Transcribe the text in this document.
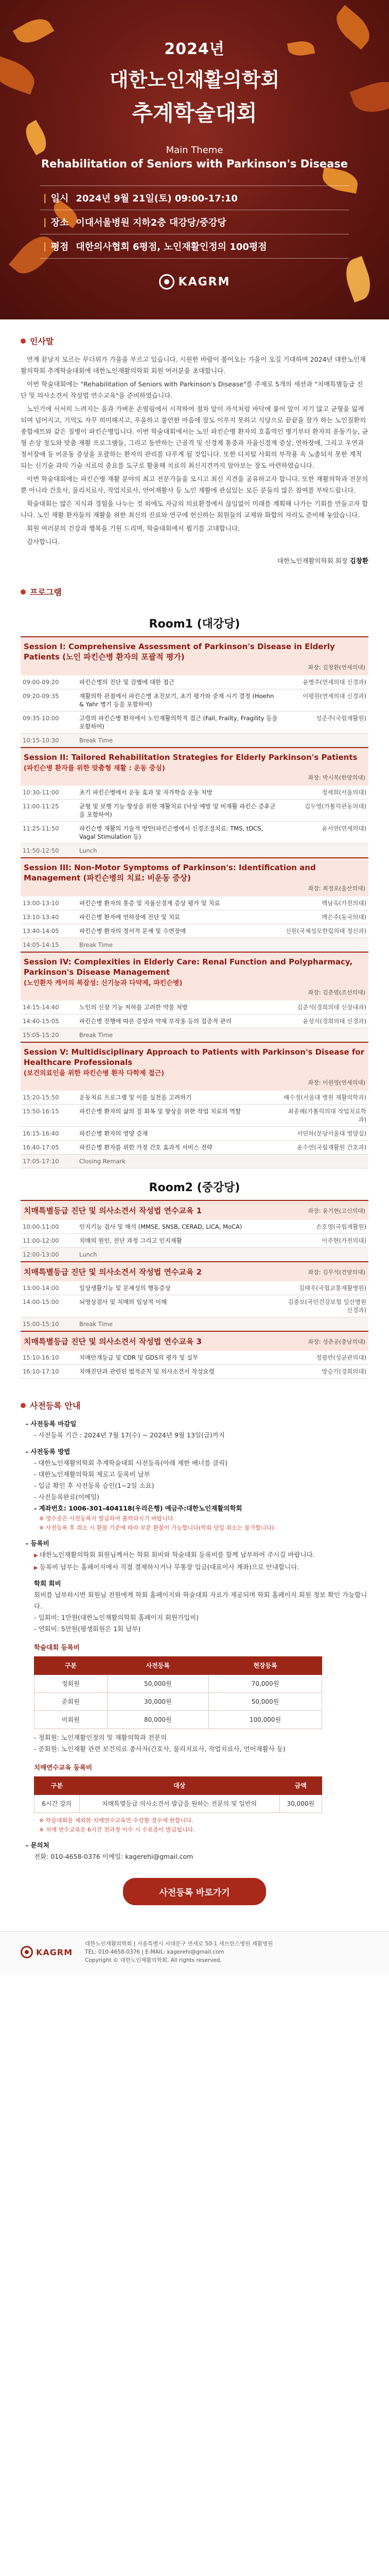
2024년
대한노인재활의학회
추계학술대회
Main Theme
Rehabilitation of Seniors with Parkinson's Disease
| 일시 2024년 9월 21일(토) 09:00-17:10
| 장소 이대서울병원 지하2층 대강당/중강당
| 평점 대한의사협회 6평점, 노인재활인정의 100평점
KAGRM
인사말

연계 끝날지 모르는 무더위가 가을을 부르고 있습니다. 시원한 바람이 불어오는 가을이 오길 기대하며 2024년 대한노인재활의학회 추계학술대회에 대한노인재활의학회 회원 여러분을 초대합니다.

이번 학술대회에는 "Rehabilitation of Seniors with Parkinson's Disease"를 주제로 5개의 세션과 "치매특별등급 진단 및 의사소견서 작성법 연수교육"을 준비하였습니다.

노인기에 서서히 느려지는 움과 가벼운 손떨림에서 시작하여 점차 앞이 자석처럼 바닥에 붙어 앞이 지기 않고 균형을 잃게 되며 넘어지고, 기억도 자꾸 희미해지고, 우울하고 불안한 마음에 잠도 이루지 못하고 식당으로 끝끝을 잘가 하는 노인질환의 종합세트와 같은 질병이 파킨슨병입니다. 이번 학술대회에서는 노인 파킨슨병 환자의 호흡역인 병기부터 환자의 운동기능, 균형 손상 정도와 맞춤 재활 프로그램들, 그리고 동반하는 근골격 및 신경계 통증과 자율신경계 증상, 연하장애, 그리고 우연과 정서장애 등 비운동 증상을 포괄하는 환자의 관리를 다루게 될 것입니다. 또한 디지털 사회의 부작용 속 노출되지 못한 계적 되는 신기술 과의 기술 치료의 중요를 도구로 활용해 치료의 최신지견까지 알아보는 장도 마련하였습니다.

이번 학술대회에는 파킨슨병 재활 분야의 최고 전문가들을 모시고 최신 지견을 공유하고자 합니다. 또한 재활의학과 전문의뿐 아니라 간호사, 물리치료사, 작업치료사, 언어재활사 등 노인 재활에 관심있는 모든 분들의 많은 참여를 부탁드립니다.

학술대회는 많은 지식과 경험을 나누는 것 외에도 자금의 의료환경에서 끊임없이 미래를 계획해 나가는 기회를 만들고자 합니다. 노인 재활 환자들의 재활을 위한 최신의 진료와 연구에 헌신하는 회원들의 교제와 화합의 자리도 준비해 놓았습니다.

회원 여러분의 건강과 행복을 기원 드리며, 학술대회에서 뵙기를 고대합니다.

감사합니다.

대한노인재활의학회 회장 김창환
프로그램
Room1 (대강당)
Session I: Comprehensive Assessment of Parkinson's Disease in Elderly Patients (노인 파킨슨병 환자의 포괄적 평가)
좌장: 김창환(연세의대)		

09:00-09:20	파킨슨병의 진단 및 감별에 대한 접근	윤병주(연세의대 신경과)
09:20-09:35	재활의학 관점에서 파킨슨병 초진보기, 초기 평가와 중재 시기 결정 (Hoehn & Yahr 병기 등을 포함하여)	이평원(연세의대 신경과)
09:35-10:00	고령의 파킨슨병 환자에서 노인재활의학적 접근 (Fall, Frailty, Fragility 등을 포함하여)	성준주(국립재활원)
10:15-10:30	Break Time	

Session II: Tailored Rehabilitation Strategies for Elderly Parkinson's Patients
(파킨슨병 환자를 위한 맞춤형 재활 : 운동 중심)
좌장: 박시복(한양의대)		

10:30-11:00	초기 파킨슨병에서 운동 효과 및 자가학습 운동 처방	정세희(서울의대)
11:00-11:25	균형 및 보행 기능 향상을 위한 재활치료 (낙상 예방 및 비재활 파킨슨 증후군을 포함하여)	김두영(가톨릭관동의대)
11:25-11:50	파킨슨병 재활의 기술적 방안(파킨슨병에서 신경조절치료: TMS, tDCS, Vagal Stimulation 등)	윤서연(연세의대)
11:50-12:50	Lunch	

Session III: Non-Motor Symptoms of Parkinson's: Identification and Management (파킨슨병의 치료: 비운동 증상)
좌장: 최정포(울산의대)		

13:00-13:10	파킨슨병 환자의 통증 및 자율신경계 증상 평가 및 치료	백남욱(가천의대)
13:10-13:40	파킨슨병 환자에 연하장애 진단 및 치료	백은주(동국의대)
13:40-14:05	파킨슨병 환자의 정서적 문제 및 수면장애	신원(국제성모한림의대 정신과)
14:05-14:15	Break Time	

Session IV: Complexities in Elderly Care: Renal Function and Polypharmacy, Parkinson's Disease Management
(노인환자 케어의 복잡성: 신기능과 다약제, 파킨슨병)
좌장: 김춘범(조선의대)		

14:15-14:40	노인의 신장 기능 저하를 고려한 약물 처방	김준석(경희의대 신장내과)
14:40-15:05	파킨슨병 진행에 따른 증상과 약제 부작용 등의 집중적 관리	윤성식(경희의대 신경과)
15:05-15:20	Break Time	

Session V: Multidisciplinary Approach to Patients with Parkinson's Disease for Healthcare Professionals
(보건의료인을 위한 파킨슨병 환자 다학제 접근)
좌장: 이원영(연세의대)		

15:20-15:50	운동치료 프로그램 및 이를 실천을 고려하기	배수정(서울대 병원 재활의학과)
15:50-16:15	파킨슨병 환자의 삶의 질 회복 및 향상을 위한 작업 치료의 역할	최종혜(가톨릭의대 작업치료학과)
16:15-16:40	파킨슨병 환자의 영양 증재	서민하(분당서울대 영양실)
16:40-17:05	파킨슨병 환자를 위한 가정 간호 효과적 서비스 전략	윤수연(국립재활원 간호과)
17:05-17:10	Closing Remark	
Room2 (중강당)
치매특별등급 진단 및 의사소견서 작성법 연수교육 1		좌장: 윤기현(고신의대)
10:00-11:00	인지기능 검사 및 해석 (MMSE, SNSB, CERAD, LICA, MoCA)	손호영(국립재활원)
11:00-12:00	치매의 원인, 진단 과정 그리고 인지재활	이주현(가천의대)
12:00-13:00	Lunch	
치매특별등급 진단 및 의사소견서 작성법 연수교육 2		좌장: 김무석(건양의대)
13:00-14:00	일상생활기능 및 문제성의 행동증상	김태우(국립교통재활병원)
14:00-15:00	뇌영상검사 및 치매의 임상적 이해	김충보(국민건강보험 일산병원 신경과)
15:00-15:10	Break Time	
치매특별등급 진단 및 의사소견서 작성법 연수교육 3		좌장: 성춘공(충남의대)
15:10-16:10	치매안개등급 및 CDR 및 GDS의 평가 및 실무	정광만(성균관의대)
16:10-17:10	치매진단과 관련된 법적준칙 및 의사소견서 작성요령	방승기(경희의대)
사전등록 안내
- 사전등록 마감일
- 사전등록 기간 : 2024년 7월 17(수) ~ 2024년 9월 13일(금)까지
- 사전등록 방법
- 대한노인재활의학회 추계학술대회 사전등록(아래 제한 배너를 클릭)
- 대한노인재활의학회 제로고 등록비 납부
- 입금 확인 후 사전등록 승인(1~2일 소요)
- 사전등록완료(이메일)
- 계좌번호: 1006-301-404118(우리은행) 예금주:대한노인재활의학회
※ 영수증은 사전등록시 발급하여 출력하시기 바랍니다.
※ 사전등록 후 취소 시 환불 기준에 따라 부분 환불이 가능합니다(학회 당일 취소는 불가합니다).
- 등록비
▶ 대한노인재활의학회 회원님께서는 학회 회비와 학술대회 등록비를 함께 납부하여 주시길 바랍니다.
▶ 등록비 납부는 홈페이지에서 직접 결제하시거나 무통장 입금(대표이사 계좌)으로 안내합니다.
학회 회비
회비를 납부하시면 회원님 전원에게 학회 홈페이지와 학술대회 자료가 제공되며 학회 홈페이지 회원 정보 확인 가능합니다.
- 입회비: 1만원(대한노인재활의학회 홈페이지 회원가입비)
- 연회비: 5만원(평생회원은 1회 납부)
학술대회 등록비
구분	사전등록	현장등록
정회원	50,000원	70,000원
준회원	30,000원	50,000원
비회원	80,000원	100,000원
- 정회원: 노인재활인정의 및 재활의학과 전문의
- 준회원: 노인재활 관련 보건의료 종사자(간호사, 물리치료사, 작업치료사, 언어재활사 등)
치매연수교육 등록비
구분	대상	금액
6시간 강의	치매특별등급 의사소견서 발급을 원하는 전문의 및 일반의	30,000원
※ 학술대회를 제외한 치매연수교육만 수강할 경우에 한합니다.
※ 치매 연수교육은 6시간 전과정 이수 시 수료증이 발급됩니다.
- 문의처
전화: 010-4658-0376 이메일: kagerehi@gmail.com
사전등록 바로가기
KAGRM
대한노인재활의학회 | 서울특별시 서대문구 연세로 50-1 세브란스병원 재활병원
TEL: 010-4658-0376 | E-MAIL: kagerehi@gmail.com
Copyright © 대한노인재활의학회. All rights reserved.
